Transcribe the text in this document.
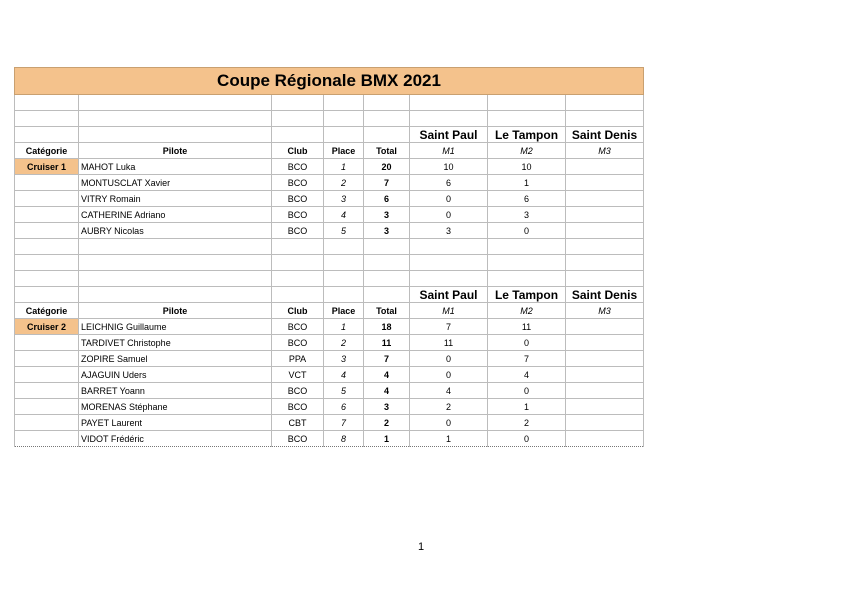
Coupe Régionale BMX 2021							

					Saint Paul	Le Tampon	Saint Denis
Catégorie	Pilote	Club	Place	Total	M1	M2	M3
Cruiser 1	MAHOT Luka	BCO	1	20	10	10	
	MONTUSCLAT Xavier	BCO	2	7	6	1	
	VITRY Romain	BCO	3	6	0	6	
	CATHERINE Adriano	BCO	4	3	0	3	
	AUBRY Nicolas	BCO	5	3	3	0	

					Saint Paul	Le Tampon	Saint Denis
Catégorie	Pilote	Club	Place	Total	M1	M2	M3
Cruiser 2	LEICHNIG Guillaume	BCO	1	18	7	11	
	TARDIVET Christophe	BCO	2	11	11	0	
	ZOPIRE Samuel	PPA	3	7	0	7	
	AJAGUIN Uders	VCT	4	4	0	4	
	BARRET Yoann	BCO	5	4	4	0	
	MORENAS Stéphane	BCO	6	3	2	1	
	PAYET Laurent	CBT	7	2	0	2	
	VIDOT Frédéric	BCO	8	1	1	0	
1
